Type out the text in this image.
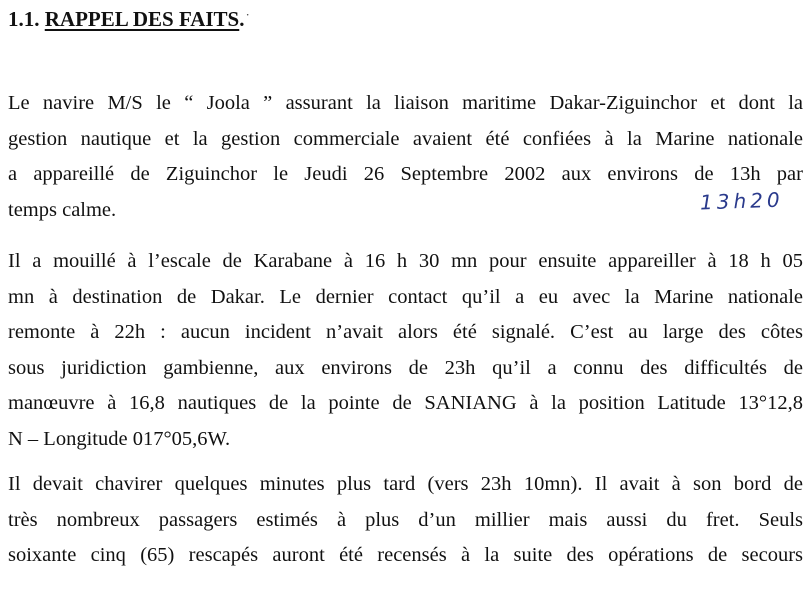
1.1. RAPPEL DES FAITS.·

Le navire M/S le “ Joola ” assurant la liaison maritime Dakar-Ziguinchor et dont la
gestion nautique et la gestion commerciale avaient été confiées à la Marine nationale
a appareillé de Ziguinchor le Jeudi 26 Septembre 2002 aux environs de 13h par
temps calme.	13h20

Il a mouillé à l’escale de Karabane à 16 h 30 mn pour ensuite appareiller à 18 h 05
mn à destination de Dakar. Le dernier contact qu’il a eu avec la Marine nationale
remonte à 22h : aucun incident n’avait alors été signalé. C’est au large des côtes
sous juridiction gambienne, aux environs de 23h qu’il a connu des difficultés de
manœuvre à 16,8 nautiques de la pointe de SANIANG à la position Latitude 13°12,8
N – Longitude 017°05,6W.

Il devait chavirer quelques minutes plus tard (vers 23h 10mn). Il avait à son bord de
très nombreux passagers estimés à plus d’un millier mais aussi du fret. Seuls
soixante cinq (65) rescapés auront été recensés à la suite des opérations de secours
